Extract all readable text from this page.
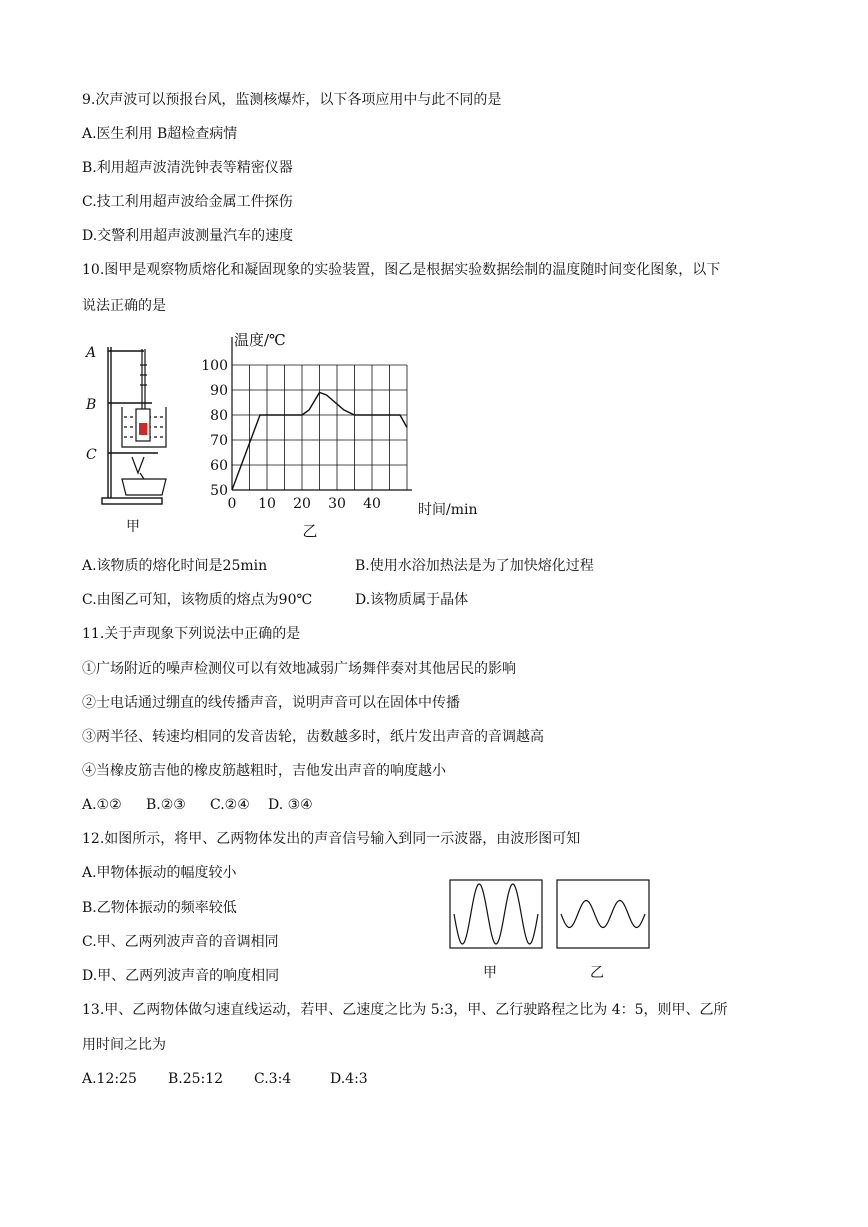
9.次声波可以预报台风，监测核爆炸，以下各项应用中与此不同的是
A.医生利用 B超检查病情
B.利用超声波清洗钟表等精密仪器
C.技工利用超声波给金属工件探伤
D.交警利用超声波测量汽车的速度
10.图甲是观察物质熔化和凝固现象的实验装置，图乙是根据实验数据绘制的温度随时间变化图象，以下
说法正确的是
A
B
C
甲
50
60
70
80
90
100
0 10 20 30 40
温度/℃
时间/min
乙
A.该物质的熔化时间是25min	B.使用水浴加热法是为了加快熔化过程
C.由图乙可知，该物质的熔点为90℃	D.该物质属于晶体
11.关于声现象下列说法中正确的是
①广场附近的噪声检测仪可以有效地减弱广场舞伴奏对其他居民的影响
②士电话通过绷直的线传播声音，说明声音可以在固体中传播
③两半径、转速均相同的发音齿轮，齿数越多时，纸片发出声音的音调越高
④当橡皮筋吉他的橡皮筋越粗时，吉他发出声音的响度越小
A.①② B.②③ C.②④ D. ③④
12.如图所示，将甲、乙两物体发出的声音信号输入到同一示波器，由波形图可知
A.甲物体振动的幅度较小
B.乙物体振动的频率较低
C.甲、乙两列波声音的音调相同
D.甲、乙两列波声音的响度相同	甲	乙
13.甲、乙两物体做匀速直线运动，若甲、乙速度之比为 5:3，甲、乙行驶路程之比为 4：5，则甲、乙所
用时间之比为
A.12:25 B.25:12 C.3:4	D.4:3
